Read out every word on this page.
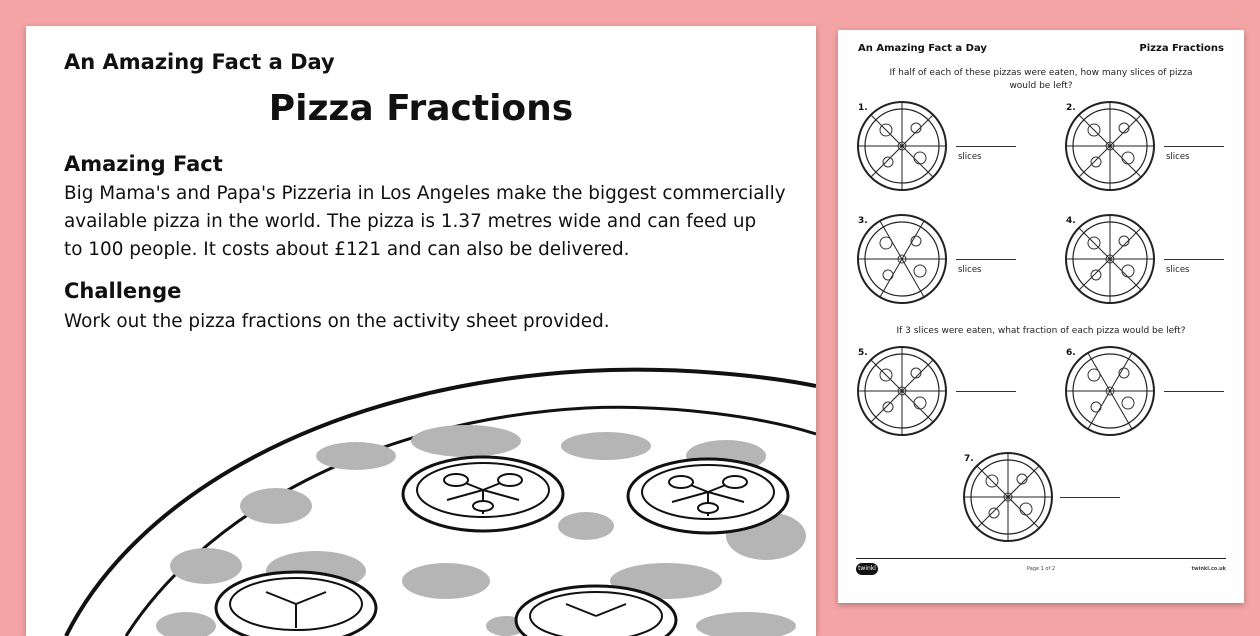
An Amazing Fact a Day
Pizza Fractions
Amazing Fact
Big Mama's and Papa's Pizzeria in Los Angeles make the biggest commercially
available pizza in the world. The pizza is 1.37 metres wide and can feed up
to 100 people. It costs about £121 and can also be delivered.
Challenge
Work out the pizza fractions on the activity sheet provided.
An Amazing Fact a Day	Pizza Fractions
If half of each of these pizzas were eaten, how many slices of pizza
would be left?
If 3 slices were eaten, what fraction of each pizza would be left?
1.	2.
3.	4.
5.	6.
7.
slices	slices
slices	slices
twinkl	Page 1 of 2	twinkl.co.uk
